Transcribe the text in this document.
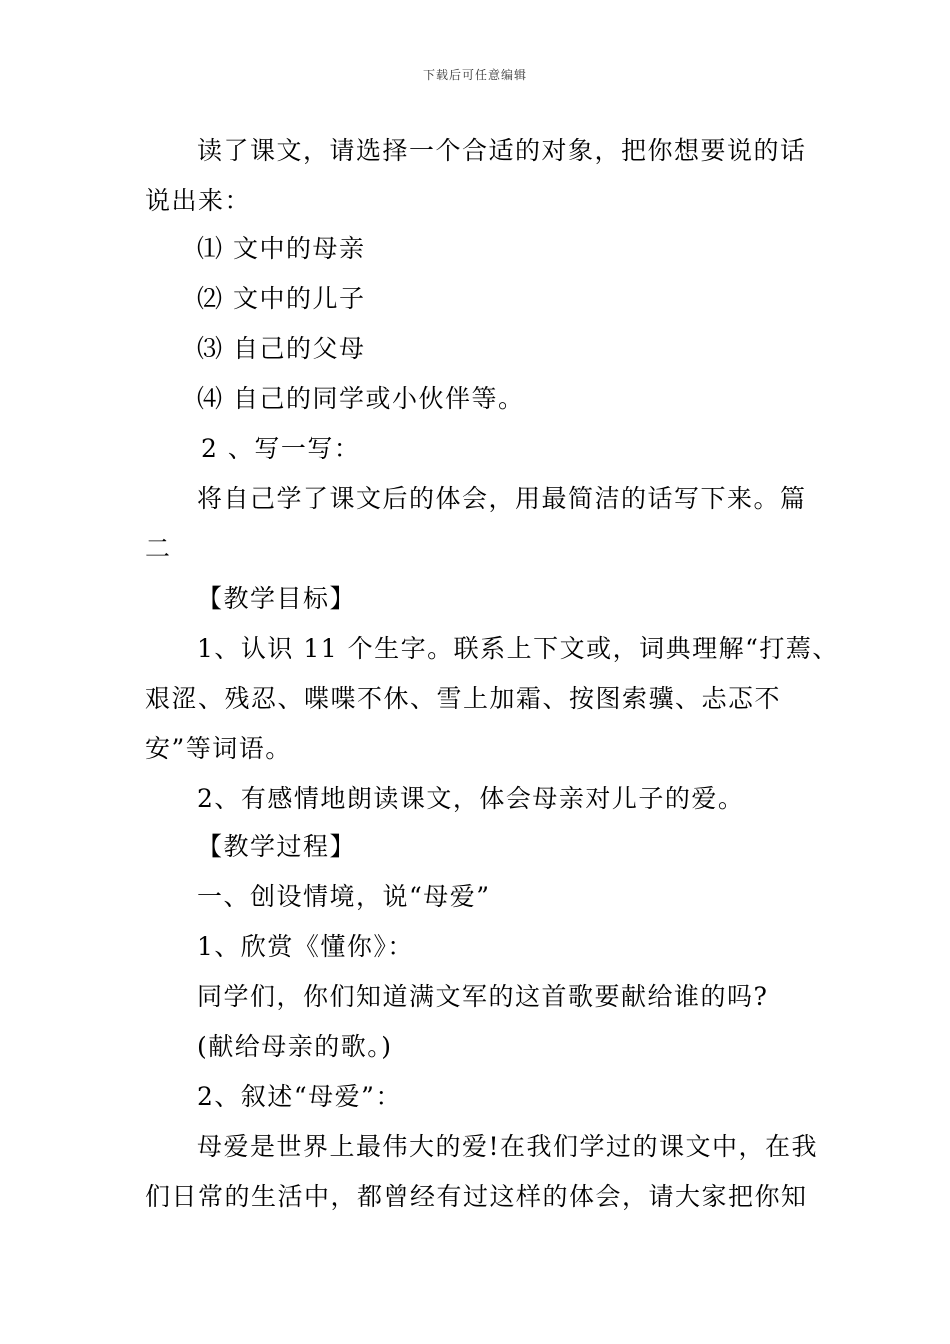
下载后可任意编辑
读了课文，请选择一个合适的对象，把你想要说的话
说出来：
⑴ 文中的母亲
⑵ 文中的儿子
⑶ 自己的父母
⑷ 自己的同学或小伙伴等。
2 、写一写：
将自己学了课文后的体会，用最简洁的话写下来。篇
二
【教学目标】
1、认识 11 个生字。联系上下文或，词典理解“打蔫、
艰涩、残忍、喋喋不休、雪上加霜、按图索骥、忐忑不
安”等词语。
2、有感情地朗读课文，体会母亲对儿子的爱。
【教学过程】
一、创设情境，说“母爱”
1、欣赏《懂你》：
同学们，你们知道满文军的这首歌要献给谁的吗?
(献给母亲的歌。)
2、叙述“母爱”：
母爱是世界上最伟大的爱!在我们学过的课文中，在我
们日常的生活中，都曾经有过这样的体会，请大家把你知
